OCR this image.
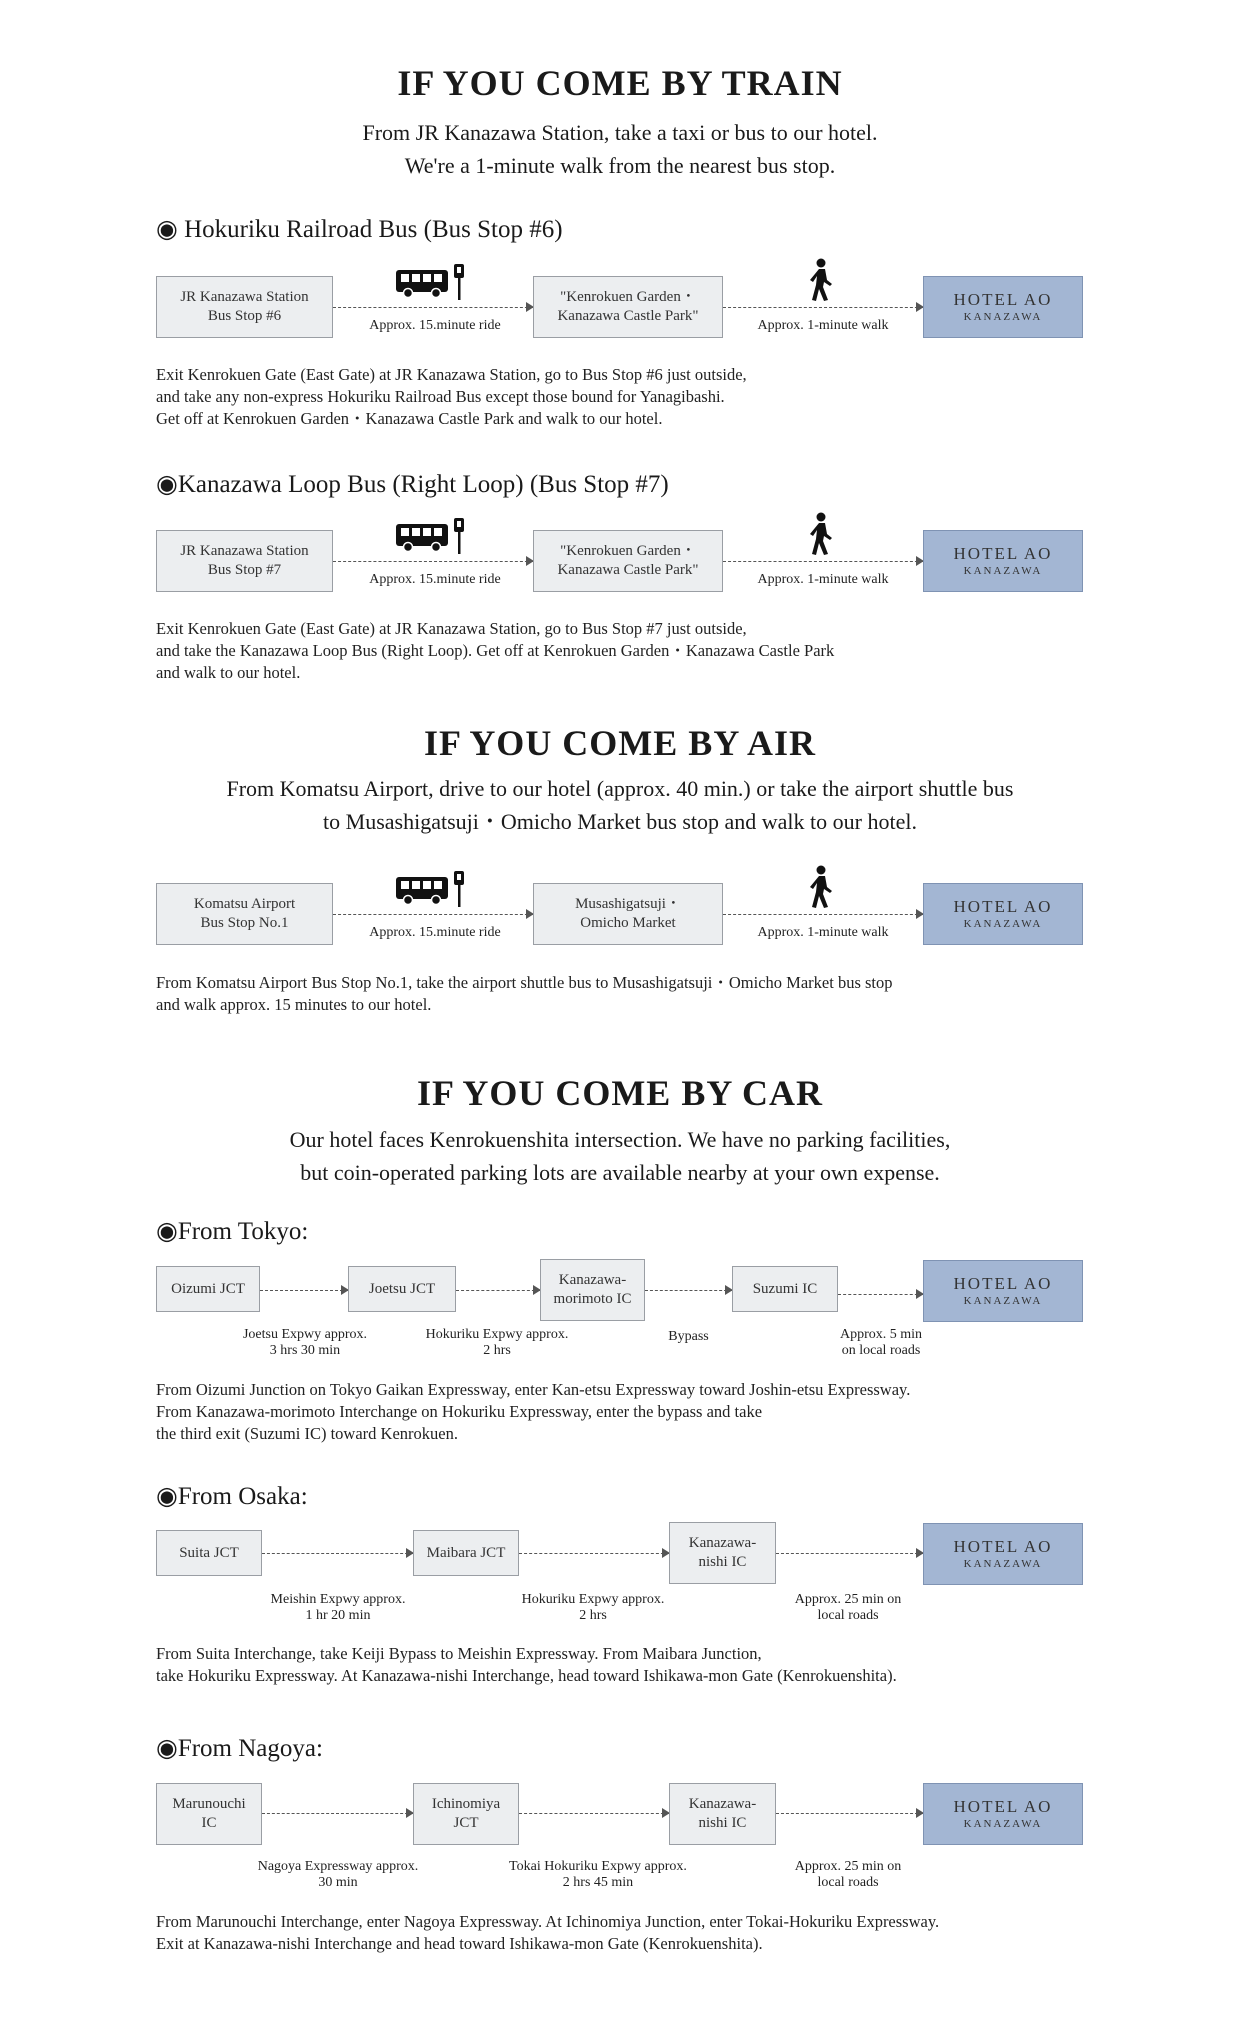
IF YOU COME BY TRAIN
From JR Kanazawa Station, take a taxi or bus to our hotel.
We're a 1-minute walk from the nearest bus stop.
◉ Hokuriku Railroad Bus (Bus Stop #6)
JR Kanazawa Station
Bus Stop #6
Approx. 15.minute ride
"Kenrokuen Garden・
Kanazawa Castle Park"
Approx. 1-minute walk
HOTEL AO
KANAZAWA
Exit Kenrokuen Gate (East Gate) at JR Kanazawa Station, go to Bus Stop #6 just outside,
and take any non-express Hokuriku Railroad Bus except those bound for Yanagibashi.
Get off at Kenrokuen Garden・Kanazawa Castle Park and walk to our hotel.
◉Kanazawa Loop Bus (Right Loop) (Bus Stop #7)
JR Kanazawa Station
Bus Stop #7
Approx. 15.minute ride
"Kenrokuen Garden・
Kanazawa Castle Park"
Approx. 1-minute walk
HOTEL AO
KANAZAWA
Exit Kenrokuen Gate (East Gate) at JR Kanazawa Station, go to Bus Stop #7 just outside,
and take the Kanazawa Loop Bus (Right Loop). Get off at Kenrokuen Garden・Kanazawa Castle Park
and walk to our hotel.
IF YOU COME BY AIR
From Komatsu Airport, drive to our hotel (approx. 40 min.) or take the airport shuttle bus
to Musashigatsuji・Omicho Market bus stop and walk to our hotel.
Komatsu Airport
Bus Stop No.1
Approx. 15.minute ride
Musashigatsuji・
Omicho Market
Approx. 1-minute walk
HOTEL AO
KANAZAWA
From Komatsu Airport Bus Stop No.1, take the airport shuttle bus to Musashigatsuji・Omicho Market bus stop
and walk approx. 15 minutes to our hotel.
IF YOU COME BY CAR
Our hotel faces Kenrokuenshita intersection. We have no parking facilities,
but coin-operated parking lots are available nearby at your own expense.
◉From Tokyo:
Oizumi JCT	Joetsu JCT
Kanazawa-
morimoto IC
Suzumi IC	HOTEL AO
KANAZAWA
Joetsu Expwy approx.
3 hrs 30 min
Hokuriku Expwy approx.
2 hrs
Bypass	Approx. 5 min
on local roads
From Oizumi Junction on Tokyo Gaikan Expressway, enter Kan-etsu Expressway toward Joshin-etsu Expressway.
From Kanazawa-morimoto Interchange on Hokuriku Expressway, enter the bypass and take
the third exit (Suzumi IC) toward Kenrokuen.
◉From Osaka:
Suita JCT	Maibara JCT
Kanazawa-
nishi IC
HOTEL AO
KANAZAWA
Meishin Expwy approx.
1 hr 20 min
Hokuriku Expwy approx.
2 hrs
Approx. 25 min on
local roads
From Suita Interchange, take Keiji Bypass to Meishin Expressway. From Maibara Junction,
take Hokuriku Expressway. At Kanazawa-nishi Interchange, head toward Ishikawa-mon Gate (Kenrokuenshita).
◉From Nagoya:
Marunouchi
IC
Ichinomiya
JCT
Kanazawa-
nishi IC
HOTEL AO
KANAZAWA
Nagoya Expressway approx.
30 min
Tokai Hokuriku Expwy approx.
2 hrs 45 min
Approx. 25 min on
local roads
From Marunouchi Interchange, enter Nagoya Expressway. At Ichinomiya Junction, enter Tokai-Hokuriku Expressway.
Exit at Kanazawa-nishi Interchange and head toward Ishikawa-mon Gate (Kenrokuenshita).
